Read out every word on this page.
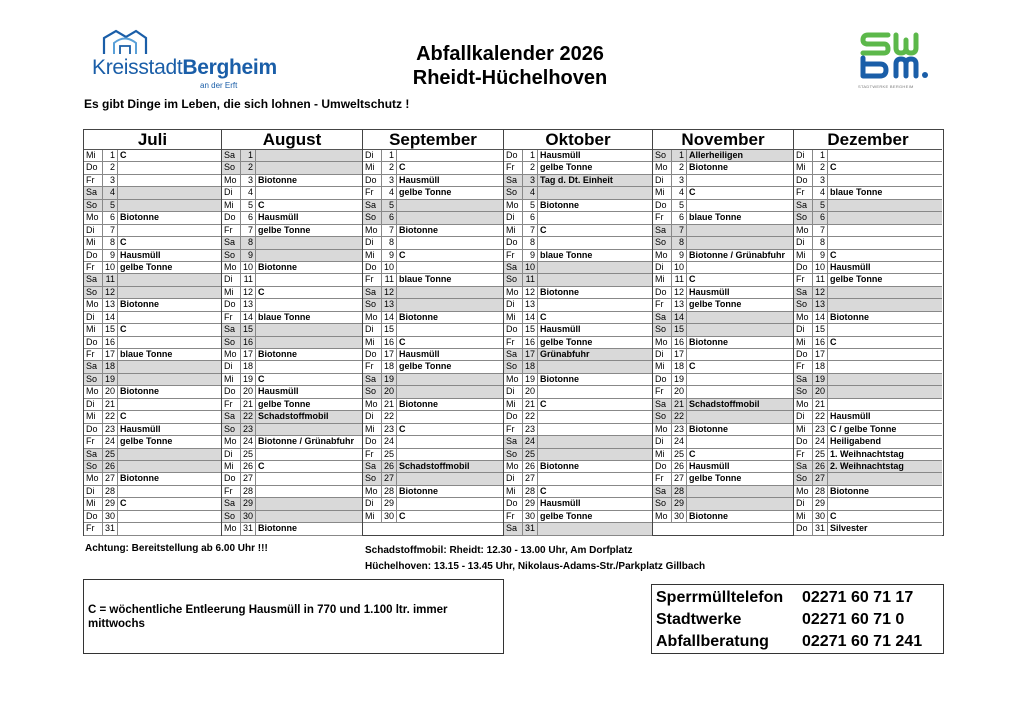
KreisstadtBergheim
an der Erft
Abfallkalender 2026
Rheidt-Hüchelhoven	STADTWERKE BERGHEIM
Es gibt Dinge im Leben, die sich lohnen - Umweltschutz !
Juli
Mi	1 C
Do	2
Fr	3
Sa	4
So	5
Mo	6 Biotonne
Di	7
Mi	8 C
Do	9 Hausmüll
Fr	10 gelbe Tonne
Sa 11
So 12
Mo 13 Biotonne
Di	14
Mi	15 C
Do 16
Fr	17 blaue Tonne
Sa 18
So 19
Mo 20 Biotonne
Di	21
Mi	22 C
Do 23 Hausmüll
Fr	24 gelbe Tonne
Sa 25
So 26
Mo 27 Biotonne
Di	28
Mi	29 C
Do 30
Fr	31
August
Sa	1
So	2
Mo	3 Biotonne
Di	4
Mi	5 C
Do	6 Hausmüll
Fr	7 gelbe Tonne
Sa	8
So	9
Mo 10 Biotonne
Di	11
Mi	12 C
Do 13
Fr	14 blaue Tonne
Sa 15
So 16
Mo 17 Biotonne
Di	18
Mi	19 C
Do 20 Hausmüll
Fr	21 gelbe Tonne
Sa 22 Schadstoffmobil
So 23
Mo 24 Biotonne / Grünabfuhr
Di	25
Mi	26 C
Do 27
Fr	28
Sa 29
So 30
Mo 31 Biotonne
September
Di	1
Mi	2 C
Do	3 Hausmüll
Fr	4 gelbe Tonne
Sa	5
So	6
Mo	7 Biotonne
Di	8
Mi	9 C
Do 10
Fr	11 blaue Tonne
Sa 12
So 13
Mo 14 Biotonne
Di	15
Mi	16 C
Do 17 Hausmüll
Fr	18 gelbe Tonne
Sa 19
So 20
Mo 21 Biotonne
Di	22
Mi	23 C
Do 24
Fr	25
Sa 26 Schadstoffmobil
So 27
Mo 28 Biotonne
Di	29
Mi	30 C
Oktober
Do	1 Hausmüll
Fr	2 gelbe Tonne
Sa	3 Tag d. Dt. Einheit
So	4
Mo	5 Biotonne
Di	6
Mi	7 C
Do	8
Fr	9 blaue Tonne
Sa 10
So 11
Mo 12 Biotonne
Di	13
Mi	14 C
Do 15 Hausmüll
Fr	16 gelbe Tonne
Sa 17 Grünabfuhr
So 18
Mo 19 Biotonne
Di	20
Mi	21 C
Do 22
Fr	23
Sa 24
So 25
Mo 26 Biotonne
Di	27
Mi	28 C
Do 29 Hausmüll
Fr	30 gelbe Tonne
Sa 31
November
So	1 Allerheiligen
Mo	2 Biotonne
Di	3
Mi	4 C
Do	5
Fr	6 blaue Tonne
Sa	7
So	8
Mo	9 Biotonne / Grünabfuhr
Di	10
Mi	11 C
Do 12 Hausmüll
Fr	13 gelbe Tonne
Sa 14
So 15
Mo 16 Biotonne
Di	17
Mi	18 C
Do 19
Fr	20
Sa 21 Schadstoffmobil
So 22
Mo 23 Biotonne
Di	24
Mi	25 C
Do 26 Hausmüll
Fr	27 gelbe Tonne
Sa 28
So 29
Mo 30 Biotonne
Dezember
Di	1
Mi	2 C
Do	3
Fr	4 blaue Tonne
Sa	5
So	6
Mo	7
Di	8
Mi	9 C
Do 10 Hausmüll
Fr	11 gelbe Tonne
Sa 12
So 13
Mo 14 Biotonne
Di	15
Mi	16 C
Do 17
Fr	18
Sa 19
So 20
Mo 21
Di	22 Hausmüll
Mi	23 C / gelbe Tonne
Do 24 Heiligabend
Fr	25 1. Weihnachtstag
Sa 26 2. Weihnachtstag
So 27
Mo 28 Biotonne
Di	29
Mi	30 C
Do 31 Silvester
Achtung: Bereitstellung ab 6.00 Uhr !!!	Schadstoffmobil: Rheidt: 12.30 - 13.00 Uhr, Am Dorfplatz
Hüchelhoven: 13.15 - 13.45 Uhr, Nikolaus-Adams-Str./Parkplatz Gillbach
C = wöchentliche Entleerung Hausmüll in 770 und 1.100 ltr. immer mittwochs
Sperrmülltelefon	02271 60 71 17
Stadtwerke	02271 60 71 0
Abfallberatung	02271 60 71 241
